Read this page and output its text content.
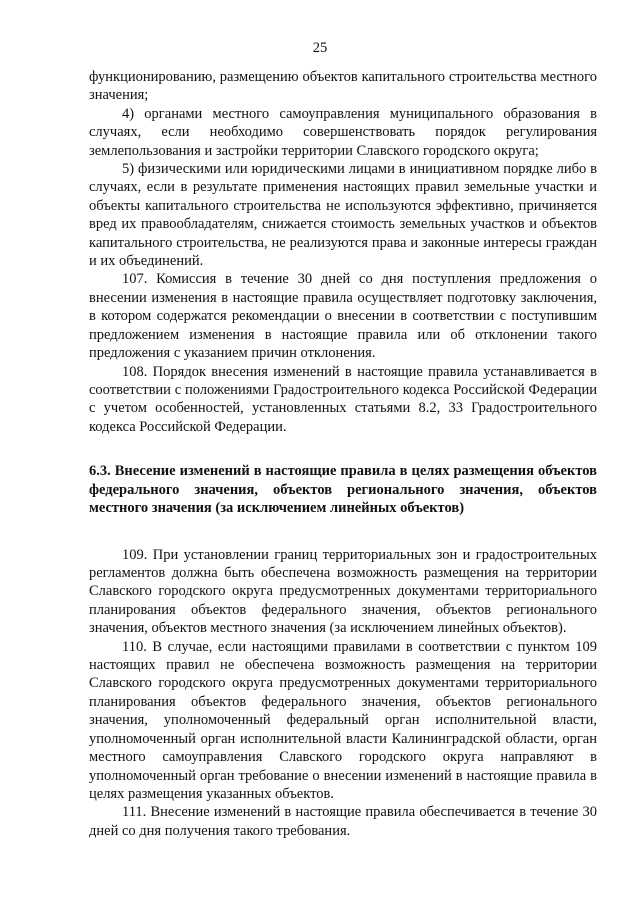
25

функционированию, размещению объектов капитального строительства местного значения;

4) органами местного самоуправления муниципального образования в случаях, если необходимо совершенствовать порядок регулирования землепользования и застройки территории Славского городского округа;

5) физическими или юридическими лицами в инициативном порядке либо в случаях, если в результате применения настоящих правил земельные участки и объекты капитального строительства не используются эффективно, причиняется вред их правообладателям, снижается стоимость земельных участков и объектов капитального строительства, не реализуются права и законные интересы граждан и их объединений.

107. Комиссия в течение 30 дней со дня поступления предложения о внесении изменения в настоящие правила осуществляет подготовку заключения, в котором содержатся рекомендации о внесении в соответствии с поступившим предложением изменения в настоящие правила или об отклонении такого предложения с указанием причин отклонения.

108. Порядок внесения изменений в настоящие правила устанавливается в соответствии с положениями Градостроительного кодекса Российской Федерации с учетом особенностей, установленных статьями 8.2, 33 Градостроительного кодекса Российской Федерации.

6.3. Внесение изменений в настоящие правила в целях размещения объектов федерального значения, объектов регионального значения, объектов местного значения (за исключением линейных объектов)

109. При установлении границ территориальных зон и градостроительных регламентов должна быть обеспечена возможность размещения на территории Славского городского округа предусмотренных документами территориального планирования объектов федерального значения, объектов регионального значения, объектов местного значения (за исключением линейных объектов).

110. В случае, если настоящими правилами в соответствии с пунктом 109 настоящих правил не обеспечена возможность размещения на территории Славского городского округа предусмотренных документами территориального планирования объектов федерального значения, объектов регионального значения, уполномоченный федеральный орган исполнительной власти, уполномоченный орган исполнительной власти Калининградской области, орган местного самоуправления Славского городского округа направляют в уполномоченный орган требование о внесении изменений в настоящие правила в целях размещения указанных объектов.

111. Внесение изменений в настоящие правила обеспечивается в течение 30 дней со дня получения такого требования.
